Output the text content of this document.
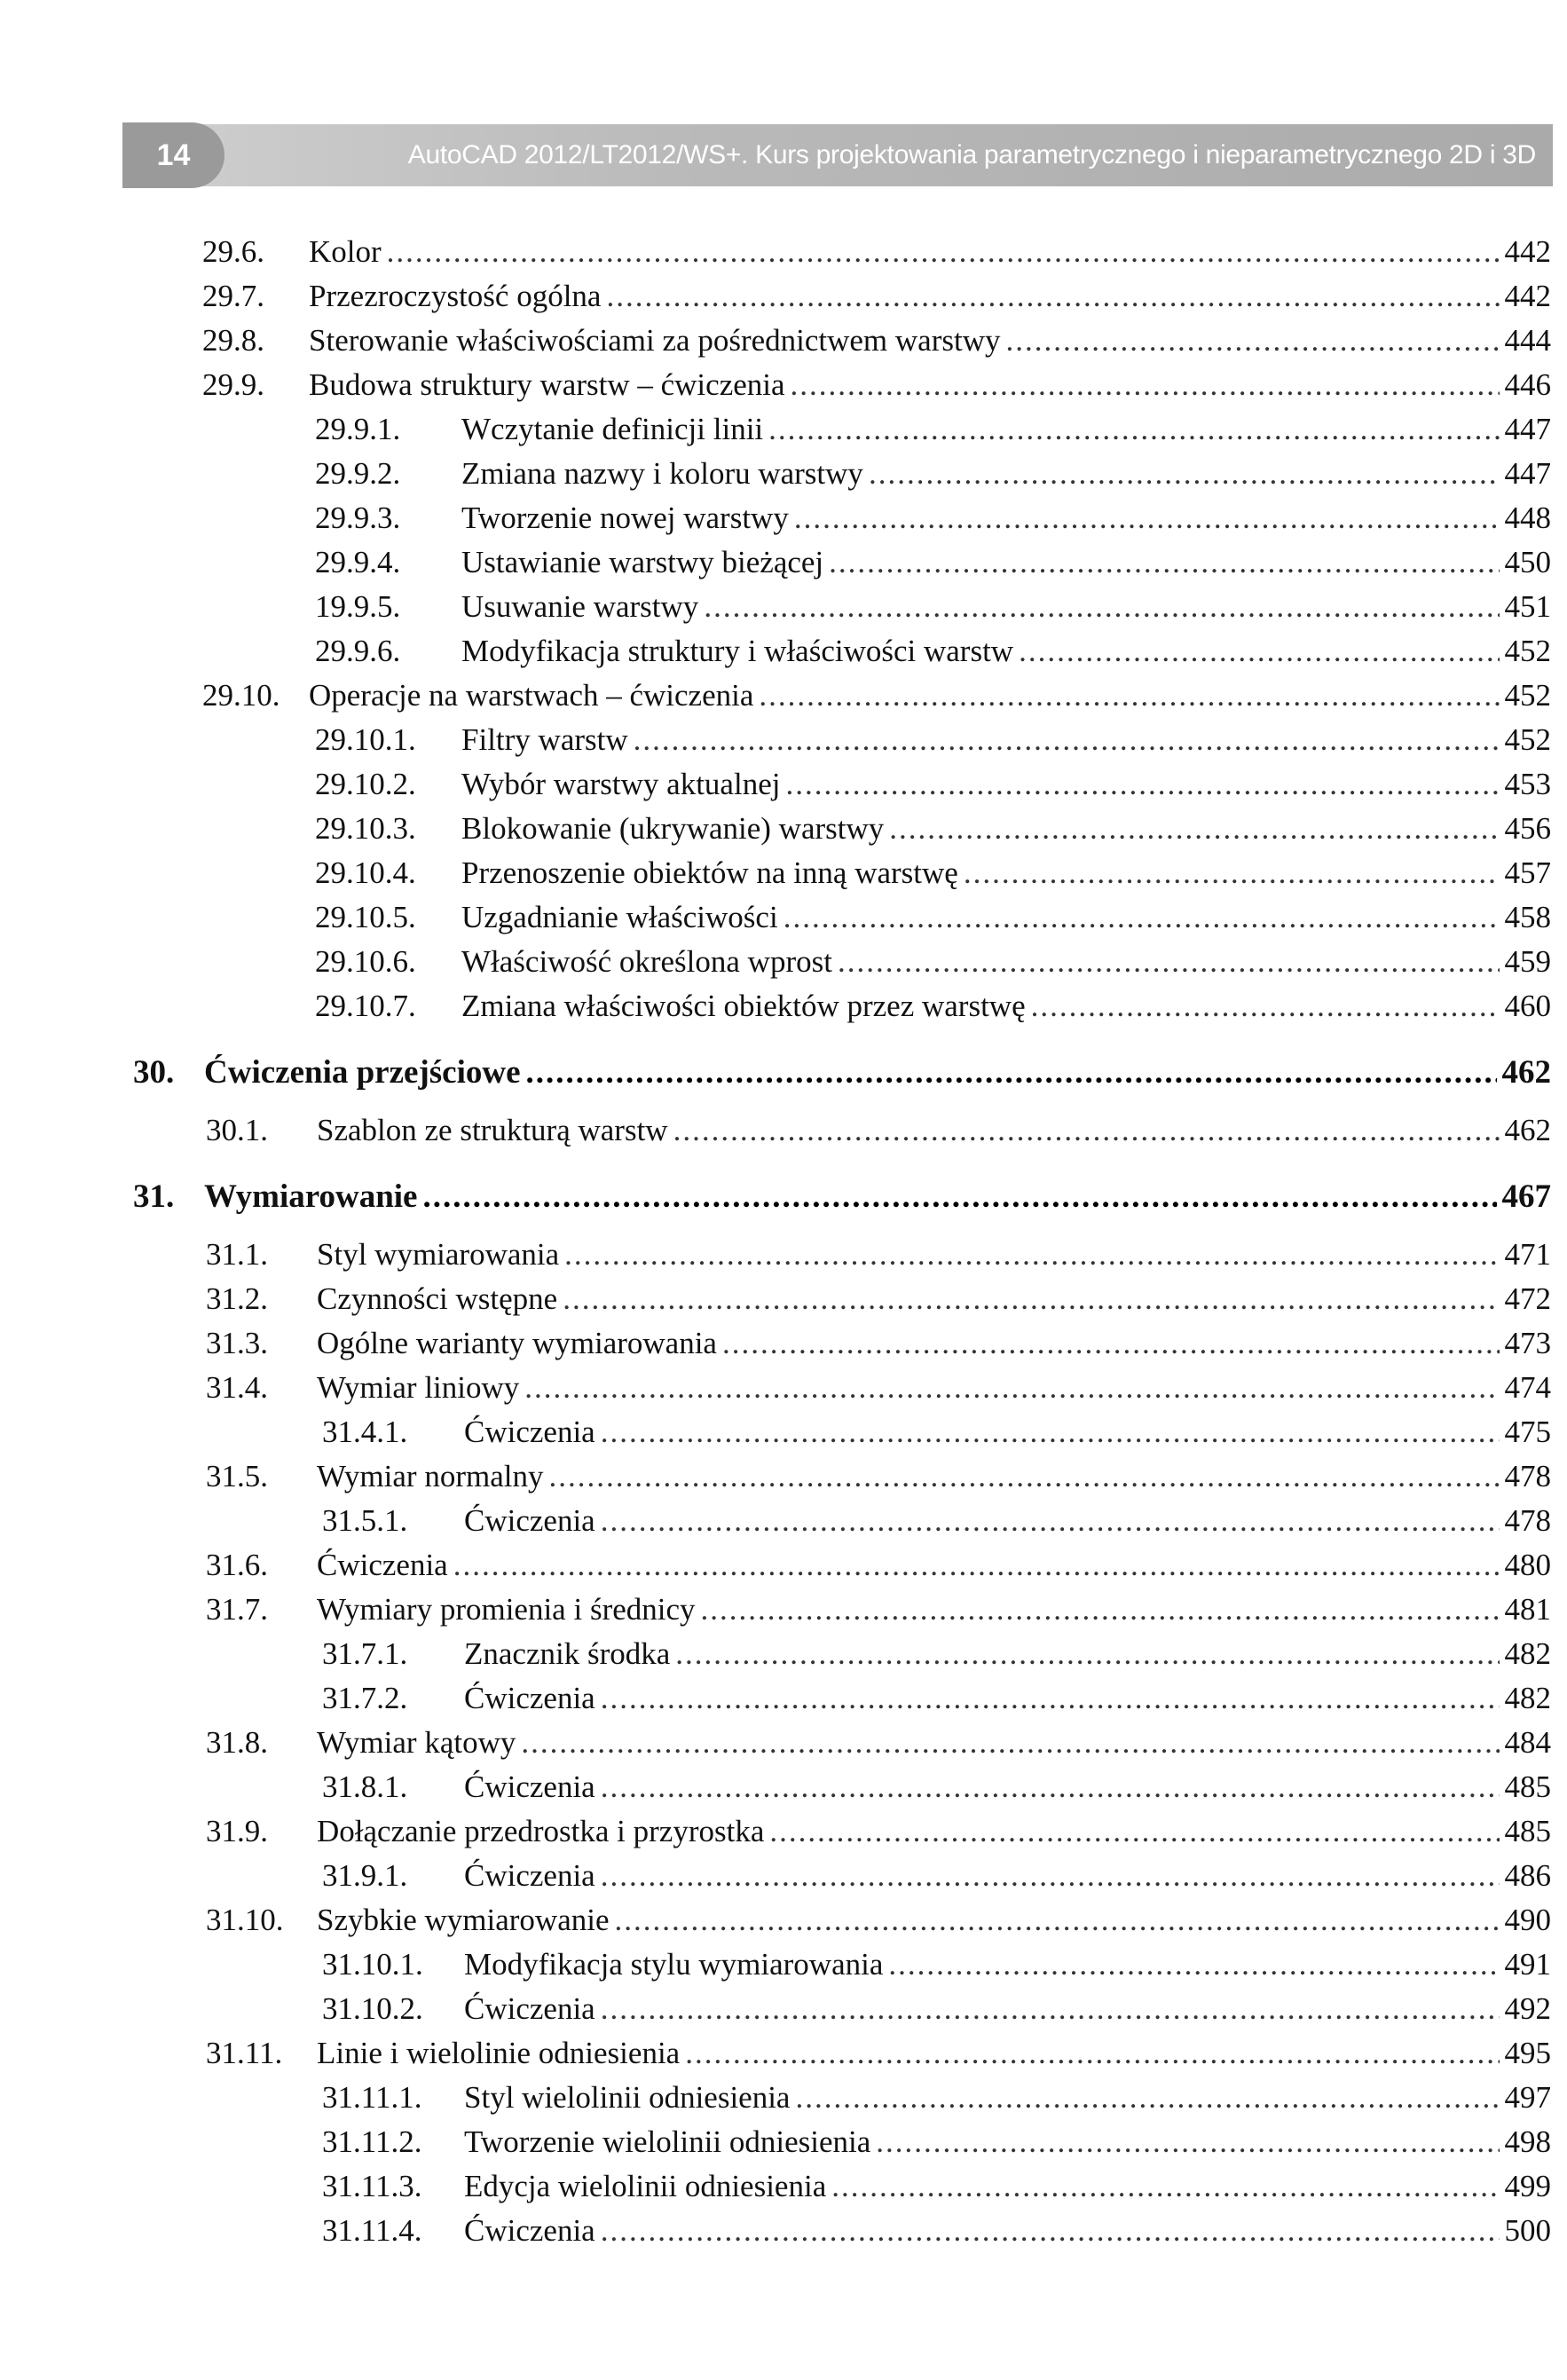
14	AutoCAD 2012/LT2012/WS+. Kurs projektowania parametrycznego i nieparametrycznego 2D i 3D
29.6.	Kolor .....	442
29.7.	Przezroczystość ogólna .....	442
29.8.	Sterowanie właściwościami za pośrednictwem warstwy .....	444
29.9.	Budowa struktury warstw – ćwiczenia .....	446
29.9.1.	Wczytanie definicji linii .....	447
29.9.2.	Zmiana nazwy i koloru warstwy .....	447
29.9.3.	Tworzenie nowej warstwy .....	448
29.9.4.	Ustawianie warstwy bieżącej .....	450
19.9.5.	Usuwanie warstwy .....	451
29.9.6.	Modyfikacja struktury i właściwości warstw .....	452
29.10. Operacje na warstwach – ćwiczenia .....	452
29.10.1.	Filtry warstw .....	452
29.10.2.	Wybór warstwy aktualnej .....	453
29.10.3.	Blokowanie (ukrywanie) warstwy .....	456
29.10.4.	Przenoszenie obiektów na inną warstwę .....	457
29.10.5.	Uzgadnianie właściwości .....	458
29.10.6.	Właściwość określona wprost .....	459
29.10.7.	Zmiana właściwości obiektów przez warstwę .....	460
30. Ćwiczenia przejściowe .....	462
30.1.	Szablon ze strukturą warstw .....	462
31. Wymiarowanie .....	467
31.1.	Styl wymiarowania .....	471
31.2.	Czynności wstępne .....	472
31.3.	Ogólne warianty wymiarowania .....	473
31.4.	Wymiar liniowy .....	474
31.4.1.	Ćwiczenia .....	475
31.5.	Wymiar normalny .....	478
31.5.1.	Ćwiczenia .....	478
31.6.	Ćwiczenia .....	480
31.7.	Wymiary promienia i średnicy .....	481
31.7.1.	Znacznik środka .....	482
31.7.2.	Ćwiczenia .....	482
31.8.	Wymiar kątowy .....	484
31.8.1.	Ćwiczenia .....	485
31.9.	Dołączanie przedrostka i przyrostka .....	485
31.9.1.	Ćwiczenia .....	486
31.10.	Szybkie wymiarowanie .....	490
31.10.1.	Modyfikacja stylu wymiarowania .....	491
31.10.2.	Ćwiczenia .....	492
31.11.	Linie i wielolinie odniesienia .....	495
31.11.1.	Styl wielolinii odniesienia .....	497
31.11.2.	Tworzenie wielolinii odniesienia .....	498
31.11.3.	Edycja wielolinii odniesienia .....	499
31.11.4.	Ćwiczenia .....	500
